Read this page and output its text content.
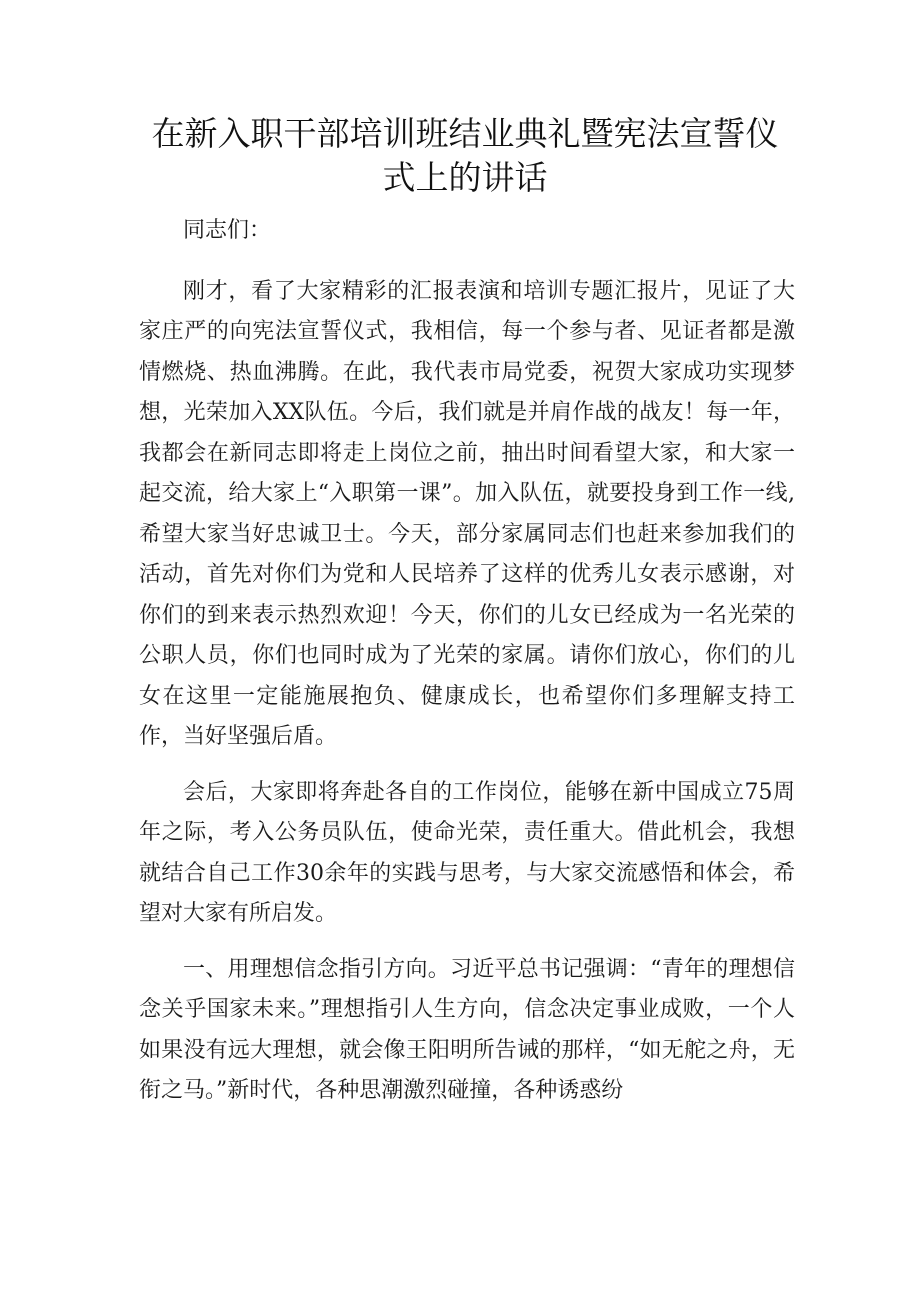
在新入职干部培训班结业典礼暨宪法宣誓仪
式上的讲话

同志们：

刚才，看了大家精彩的汇报表演和培训专题汇报片，见证了大家庄严的向宪法宣誓仪式，我相信，每一个参与者、见证者都是激情燃烧、热血沸腾。在此，我代表市局党委，祝贺大家成功实现梦想，光荣加入XX队伍。今后，我们就是并肩作战的战友！每一年，我都会在新同志即将走上岗位之前，抽出时间看望大家，和大家一起交流，给大家上“入职第一课”。加入队伍，就要投身到工作一线,希望大家当好忠诚卫士。今天，部分家属同志们也赶来参加我们的活动，首先对你们为党和人民培养了这样的优秀儿女表示感谢，对你们的到来表示热烈欢迎！今天，你们的儿女已经成为一名光荣的公职人员，你们也同时成为了光荣的家属。请你们放心，你们的儿女在这里一定能施展抱负、健康成长，也希望你们多理解支持工作，当好坚强后盾。

会后，大家即将奔赴各自的工作岗位，能够在新中国成立75周年之际，考入公务员队伍，使命光荣，责任重大。借此机会，我想就结合自己工作30余年的实践与思考，与大家交流感悟和体会，希望对大家有所启发。

一、用理想信念指引方向。习近平总书记强调：“青年的理想信念关乎国家未来。”理想指引人生方向，信念决定事业成败，一个人如果没有远大理想，就会像王阳明所告诫的那样，“如无舵之舟，无衔之马。”新时代，各种思潮激烈碰撞，各种诱惑纷
